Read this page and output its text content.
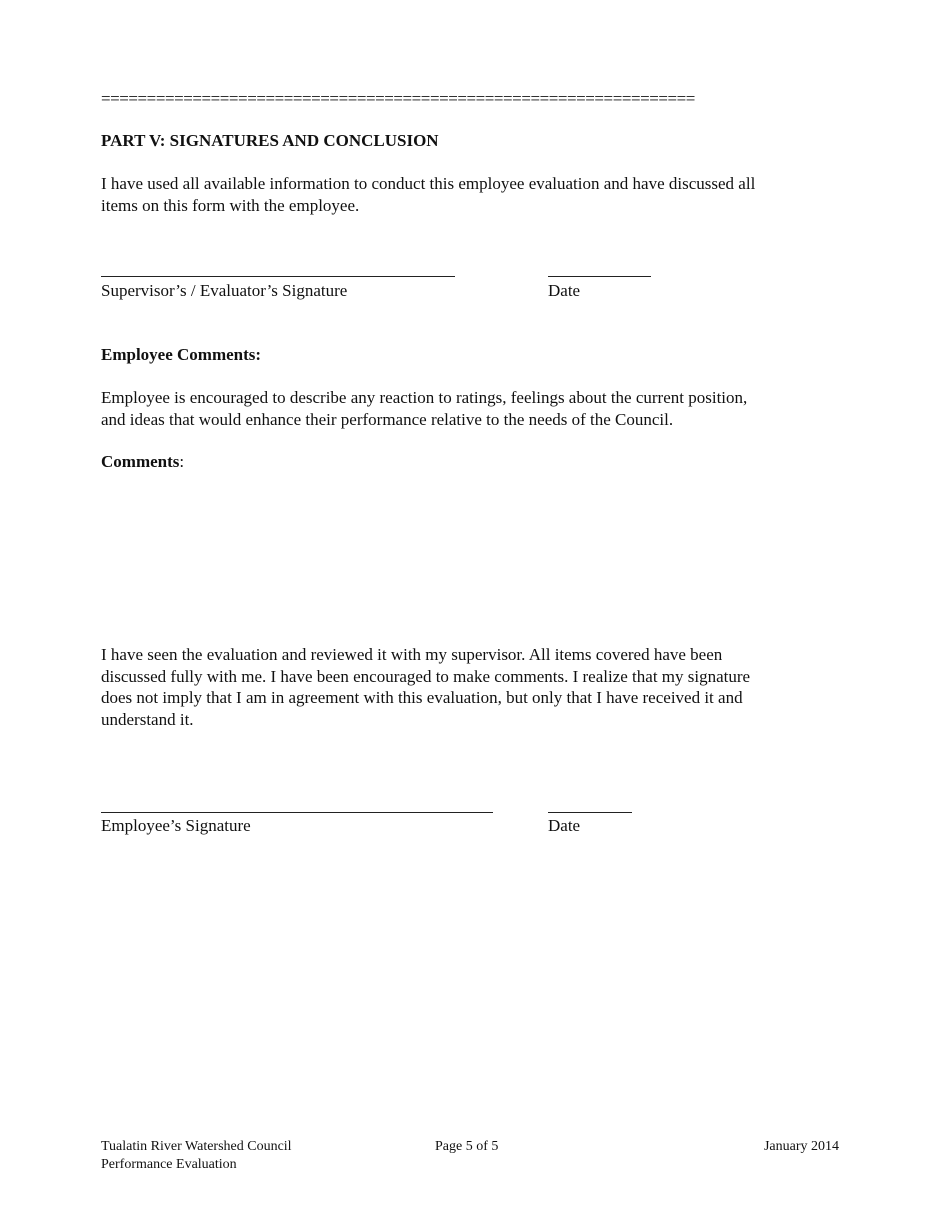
=================================================================
PART V: SIGNATURES AND CONCLUSION
I have used all available information to conduct this employee evaluation and have discussed all
items on this form with the employee.
Supervisor’s / Evaluator’s Signature	Date
Employee Comments:
Employee is encouraged to describe any reaction to ratings, feelings about the current position,
and ideas that would enhance their performance relative to the needs of the Council.
Comments:
I have seen the evaluation and reviewed it with my supervisor. All items covered have been
discussed fully with me. I have been encouraged to make comments. I realize that my signature
does not imply that I am in agreement with this evaluation, but only that I have received it and
understand it.
Employee’s Signature	Date
Tualatin River Watershed Council
Performance Evaluation
Page 5 of 5	January 2014
